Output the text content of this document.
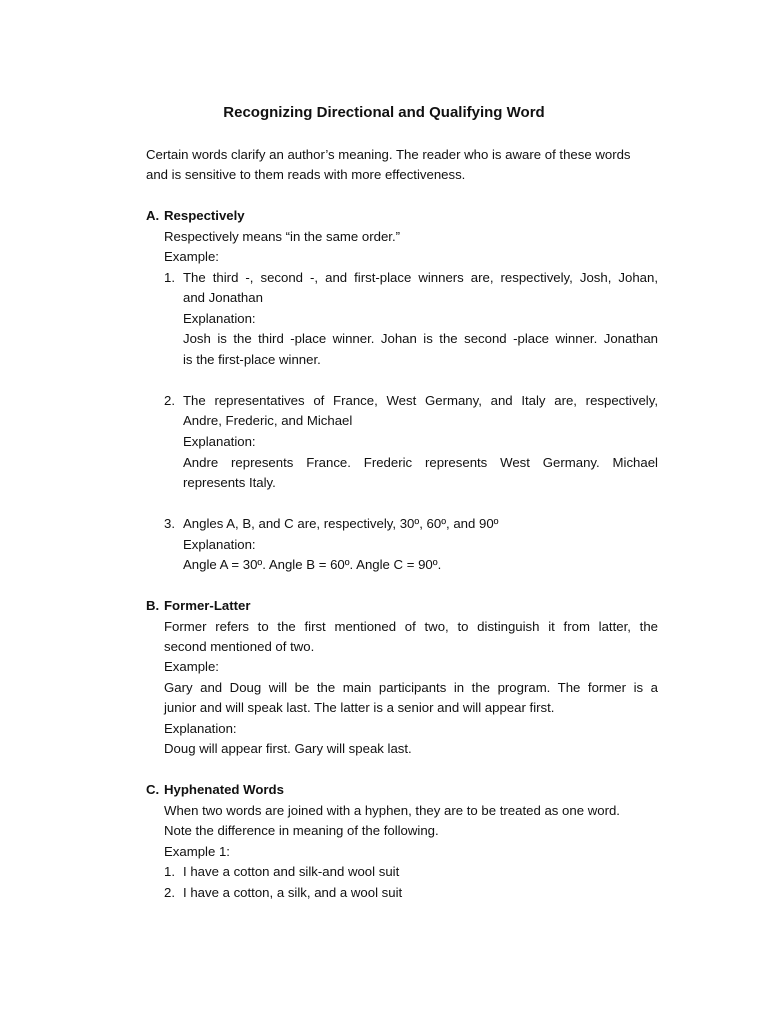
Recognizing Directional and Qualifying Word
Certain words clarify an author’s meaning. The reader who is aware of these words
and is sensitive to them reads with more effectiveness.
A. Respectively
Respectively means “in the same order.”
Example:
1. The third -, second -, and first-place winners are, respectively, Josh, Johan,
and Jonathan
Explanation:
Josh is the third -place winner. Johan is the second -place winner. Jonathan
is the first-place winner.
2. The representatives of France, West Germany, and Italy are, respectively,
Andre, Frederic, and Michael
Explanation:
Andre represents France. Frederic represents West Germany. Michael
represents Italy.
3. Angles A, B, and C are, respectively, 30º, 60º, and 90º
Explanation:
Angle A = 30º. Angle B = 60º. Angle C = 90º.
B. Former-Latter
Former refers to the first mentioned of two, to distinguish it from latter, the
second mentioned of two.
Example:
Gary and Doug will be the main participants in the program. The former is a
junior and will speak last. The latter is a senior and will appear first.
Explanation:
Doug will appear first. Gary will speak last.
C. Hyphenated Words
When two words are joined with a hyphen, they are to be treated as one word.
Note the difference in meaning of the following.
Example 1:
1. I have a cotton and silk-and wool suit
2. I have a cotton, a silk, and a wool suit
